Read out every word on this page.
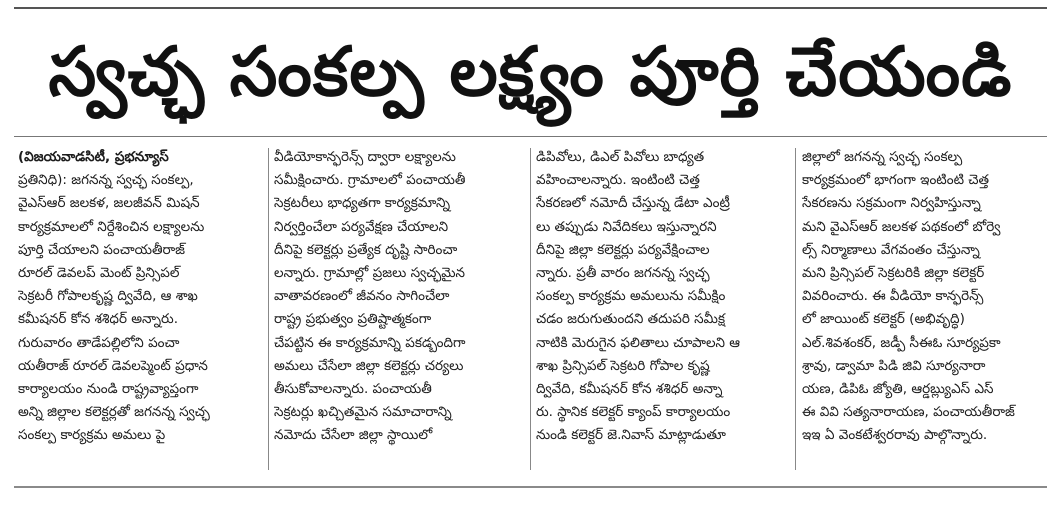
స్వచ్ఛ సంకల్ప లక్ష్యం పూర్తి చేయండి
(విజయవాడసిటీ, ప్రభన్యూస్
ప్రతినిధి): జగనన్న స్వచ్ఛ సంకల్ప,
వైఎస్ఆర్ జలకళ, జలజీవన్ మిషన్
కార్యక్రమాలలో నిర్దేశించిన లక్ష్యాలను
పూర్తి చేయాలని పంచాయతీరాజ్
రూరల్ డెవలప్ మెంట్ ప్రిన్సిపల్
సెక్రటరీ గోపాలకృష్ణ ద్వివేది, ఆ శాఖ
కమీషనర్ కోన శశిధర్ అన్నారు.
గురువారం తాడేపల్లిలోని పంచా
యతీరాజ్ రూరల్ డెవలప్మెంట్ ప్రధాన
కార్యాలయం నుండి రాష్ట్రవ్యాప్తంగా
అన్ని జిల్లాల కలెక్టర్లతో జగనన్న స్వచ్ఛ
సంకల్ప కార్యక్రమ అమలు పై
వీడియోకాన్ఫరెన్స్ ద్వారా లక్ష్యాలను
సమీక్షించారు. గ్రామాలలో పంచాయతీ
సెక్రటరీలు భాధ్యతగా కార్యక్రమాన్ని
నిర్వర్తించేలా పర్యవేక్షణ చేయాలని
దీనిపై కలెక్టర్లు ప్రత్యేక దృష్టి సారించా
లన్నారు. గ్రామాల్లో ప్రజలు స్వచ్ఛమైన
వాతావరణంలో జీవనం సాగించేలా
రాష్ట్ర ప్రభుత్వం ప్రతిష్టాత్మకంగా
చేపట్టిన ఈ కార్యక్రమాన్ని పకడ్బందిగా
అమలు చేసేలా జిల్లా కలెక్టర్లు చర్యలు
తీసుకోవాలన్నారు. పంచాయతీ
సెక్రటర్లు ఖచ్చితమైన సమాచారాన్ని
నమోదు చేసేలా జిల్లా స్థాయిలో
డిపివోలు, డిఎల్ పివోలు బాధ్యత
వహించాలన్నారు. ఇంటింటి చెత్త
సేకరణలో నమోదీ చేస్తున్న డేటా ఎంట్రీ
లు తప్పుడు నివేదికలు ఇస్తున్నారని
దీనిపై జిల్లా కలెక్టర్లు పర్యవేక్షించాల
న్నారు. ప్రతీ వారం జగనన్న స్వచ్ఛ
సంకల్ప కార్యక్రమ అమలును సమీక్షిం
చడం జరుగుతుందని తదుపరి సమీక్ష
నాటికి మెరుగైన ఫలితాలు చూపాలని ఆ
శాఖ ప్రిన్సిపల్ సెక్రటరి గోపాల కృష్ణ
ద్వివేది, కమీషనర్ కోన శశిధర్ అన్నా
రు. స్థానిక కలెక్టర్ క్యాంప్ కార్యాలయం
నుండి కలెక్టర్ జె.నివాస్ మాట్లాడుతూ
జిల్లాలో జగనన్న స్వచ్ఛ సంకల్ప
కార్యక్రమంలో భాగంగా ఇంటింటి చెత్త
సేకరణను సక్రమంగా నిర్వహిస్తున్నా
మని వైఎస్ఆర్ జలకళ పథకంలో బోర్వె
ల్స్ నిర్మాణాలు వేగవంతం చేస్తున్నా
మని ప్రిన్సిపల్ సెక్రటరికి జిల్లా కలెక్టర్
వివరించారు. ఈ వీడియో కాన్ఫరెన్స్
లో జాయింట్ కలెక్టర్ (అభివృద్ధి)
ఎల్.శివశంకర్, జడ్పీ సీఈఓ సూర్యప్రకా
శ్రావు, డ్వామా పిడి జివి సూర్యనారా
యణ, డిపిఓ జ్యోతి, ఆర్డబ్ల్యుఎస్ ఎస్
ఈ వివి సత్యనారాయణ, పంచాయతీరాజ్
ఇఇ ఏ వెంకటేశ్వరరావు పాల్గొన్నారు.
